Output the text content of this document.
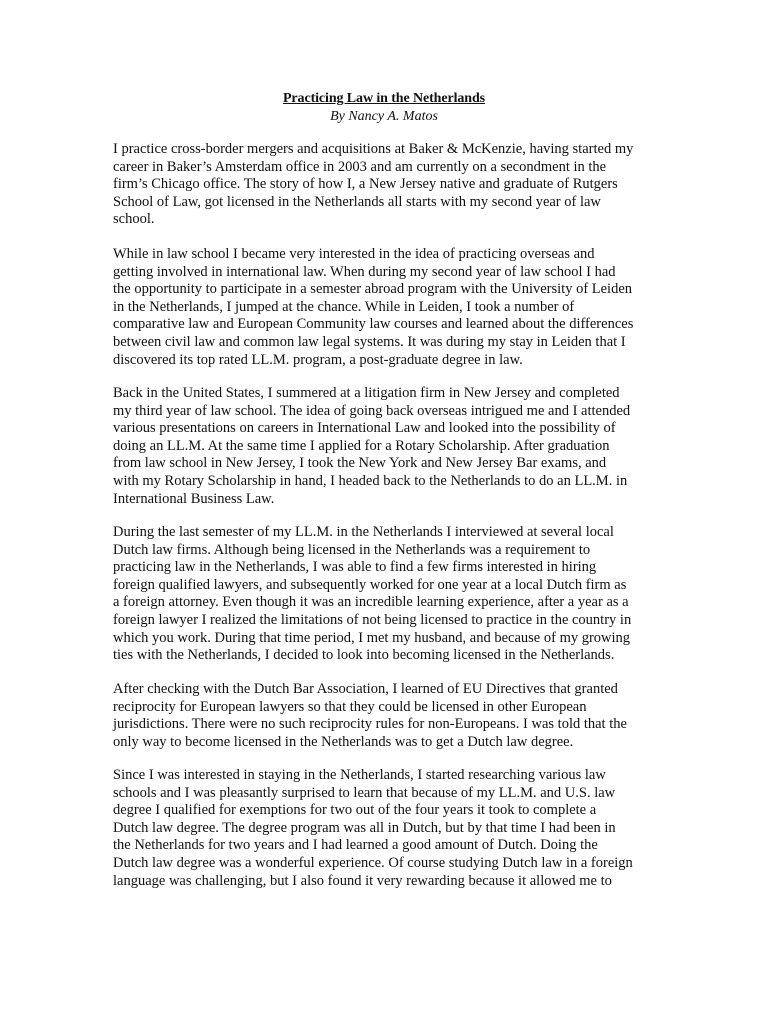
Practicing Law in the Netherlands
By Nancy A. Matos
I practice cross-border mergers and acquisitions at Baker & McKenzie, having started my
career in Baker’s Amsterdam office in 2003 and am currently on a secondment in the
firm’s Chicago office. The story of how I, a New Jersey native and graduate of Rutgers
School of Law, got licensed in the Netherlands all starts with my second year of law
school.
While in law school I became very interested in the idea of practicing overseas and
getting involved in international law. When during my second year of law school I had
the opportunity to participate in a semester abroad program with the University of Leiden
in the Netherlands, I jumped at the chance. While in Leiden, I took a number of
comparative law and European Community law courses and learned about the differences
between civil law and common law legal systems. It was during my stay in Leiden that I
discovered its top rated LL.M. program, a post-graduate degree in law.
Back in the United States, I summered at a litigation firm in New Jersey and completed
my third year of law school. The idea of going back overseas intrigued me and I attended
various presentations on careers in International Law and looked into the possibility of
doing an LL.M. At the same time I applied for a Rotary Scholarship. After graduation
from law school in New Jersey, I took the New York and New Jersey Bar exams, and
with my Rotary Scholarship in hand, I headed back to the Netherlands to do an LL.M. in
International Business Law.
During the last semester of my LL.M. in the Netherlands I interviewed at several local
Dutch law firms. Although being licensed in the Netherlands was a requirement to
practicing law in the Netherlands, I was able to find a few firms interested in hiring
foreign qualified lawyers, and subsequently worked for one year at a local Dutch firm as
a foreign attorney. Even though it was an incredible learning experience, after a year as a
foreign lawyer I realized the limitations of not being licensed to practice in the country in
which you work. During that time period, I met my husband, and because of my growing
ties with the Netherlands, I decided to look into becoming licensed in the Netherlands.
After checking with the Dutch Bar Association, I learned of EU Directives that granted
reciprocity for European lawyers so that they could be licensed in other European
jurisdictions. There were no such reciprocity rules for non-Europeans. I was told that the
only way to become licensed in the Netherlands was to get a Dutch law degree.
Since I was interested in staying in the Netherlands, I started researching various law
schools and I was pleasantly surprised to learn that because of my LL.M. and U.S. law
degree I qualified for exemptions for two out of the four years it took to complete a
Dutch law degree. The degree program was all in Dutch, but by that time I had been in
the Netherlands for two years and I had learned a good amount of Dutch. Doing the
Dutch law degree was a wonderful experience. Of course studying Dutch law in a foreign
language was challenging, but I also found it very rewarding because it allowed me to
